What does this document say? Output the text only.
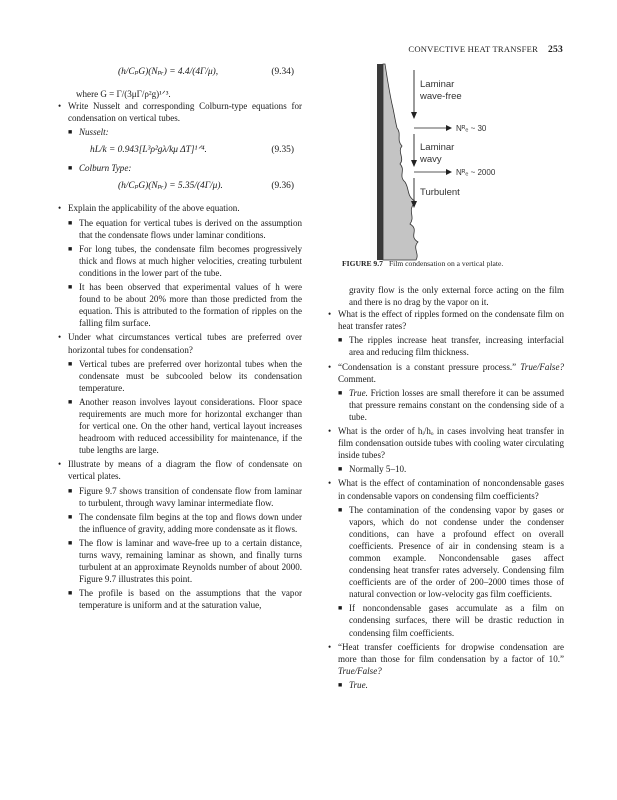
CONVECTIVE HEAT TRANSFER 253
(h/CₚG)(Nₚᵣ) = 4.4/(4Γ/μ),	(9.34)

where G = Γ/(3μΓ/ρ²g)¹ᐟ³.

• Write Nusselt and corresponding Colburn-type equations for condensation on vertical tubes.
■ Nusselt:
hL/k = 0.943[L³ρ²gλ/kμ ΔT]¹ᐟ⁴.	(9.35)
■ Colburn Type:
(h/CₚG)(Nₚᵣ) = 5.35/(4Γ/μ).	(9.36)
• Explain the applicability of the above equation.
■ The equation for vertical tubes is derived on the assumption that the condensate flows under laminar conditions.
■ For long tubes, the condensate film becomes progressively thick and flows at much higher velocities, creating turbulent conditions in the lower part of the tube.
■ It has been observed that experimental values of h were found to be about 20% more than those predicted from the equation. This is attributed to the formation of ripples on the falling film surface.
• Under what circumstances vertical tubes are preferred over horizontal tubes for condensation?
■ Vertical tubes are preferred over horizontal tubes when the condensate must be subcooled below its condensation temperature.
■ Another reason involves layout considerations. Floor space requirements are much more for horizontal exchanger than for vertical one. On the other hand, vertical layout increases headroom with reduced accessibility for maintenance, if the tube lengths are large.
• Illustrate by means of a diagram the flow of condensate on vertical plates.
■ Figure 9.7 shows transition of condensate flow from laminar to turbulent, through wavy laminar intermediate flow.
■ The condensate film begins at the top and flows down under the influence of gravity, adding more condensate as it flows.
■ The flow is laminar and wave-free up to a certain distance, turns wavy, remaining laminar as shown, and finally turns turbulent at an approximate Reynolds number of about 2000. Figure 9.7 illustrates this point.
■ The profile is based on the assumptions that the vapor temperature is uniform and at the saturation value,
Laminar
wave-free
Nᴿₑ ~ 30
Laminar
wavy
Nᴿₑ ~ 2000
Turbulent
FIGURE 9.7 Film condensation on a vertical plate.

gravity flow is the only external force acting on the film and there is no drag by the vapor on it.

• What is the effect of ripples formed on the condensate film on heat transfer rates?
■ The ripples increase heat transfer, increasing interfacial area and reducing film thickness.
• “Condensation is a constant pressure process.” True/False? Comment.
■ True. Friction losses are small therefore it can be assumed that pressure remains constant on the condensing side of a tube.
• What is the order of hᵢ/hₒ in cases involving heat transfer in film condensation outside tubes with cooling water circulating inside tubes?
■ Normally 5–10.
• What is the effect of contamination of noncondensable gases in condensable vapors on condensing film coefficients?
■ The contamination of the condensing vapor by gases or vapors, which do not condense under the condenser conditions, can have a profound effect on overall coefficients. Presence of air in condensing steam is a common example. Noncondensable gases affect condensing heat transfer rates adversely. Condensing film coefficients are of the order of 200–2000 times those of natural convection or low-velocity gas film coefficients.
■ If noncondensable gases accumulate as a film on condensing surfaces, there will be drastic reduction in condensing film coefficients.
• “Heat transfer coefficients for dropwise condensation are more than those for film condensation by a factor of 10.” True/False?
■ True.
